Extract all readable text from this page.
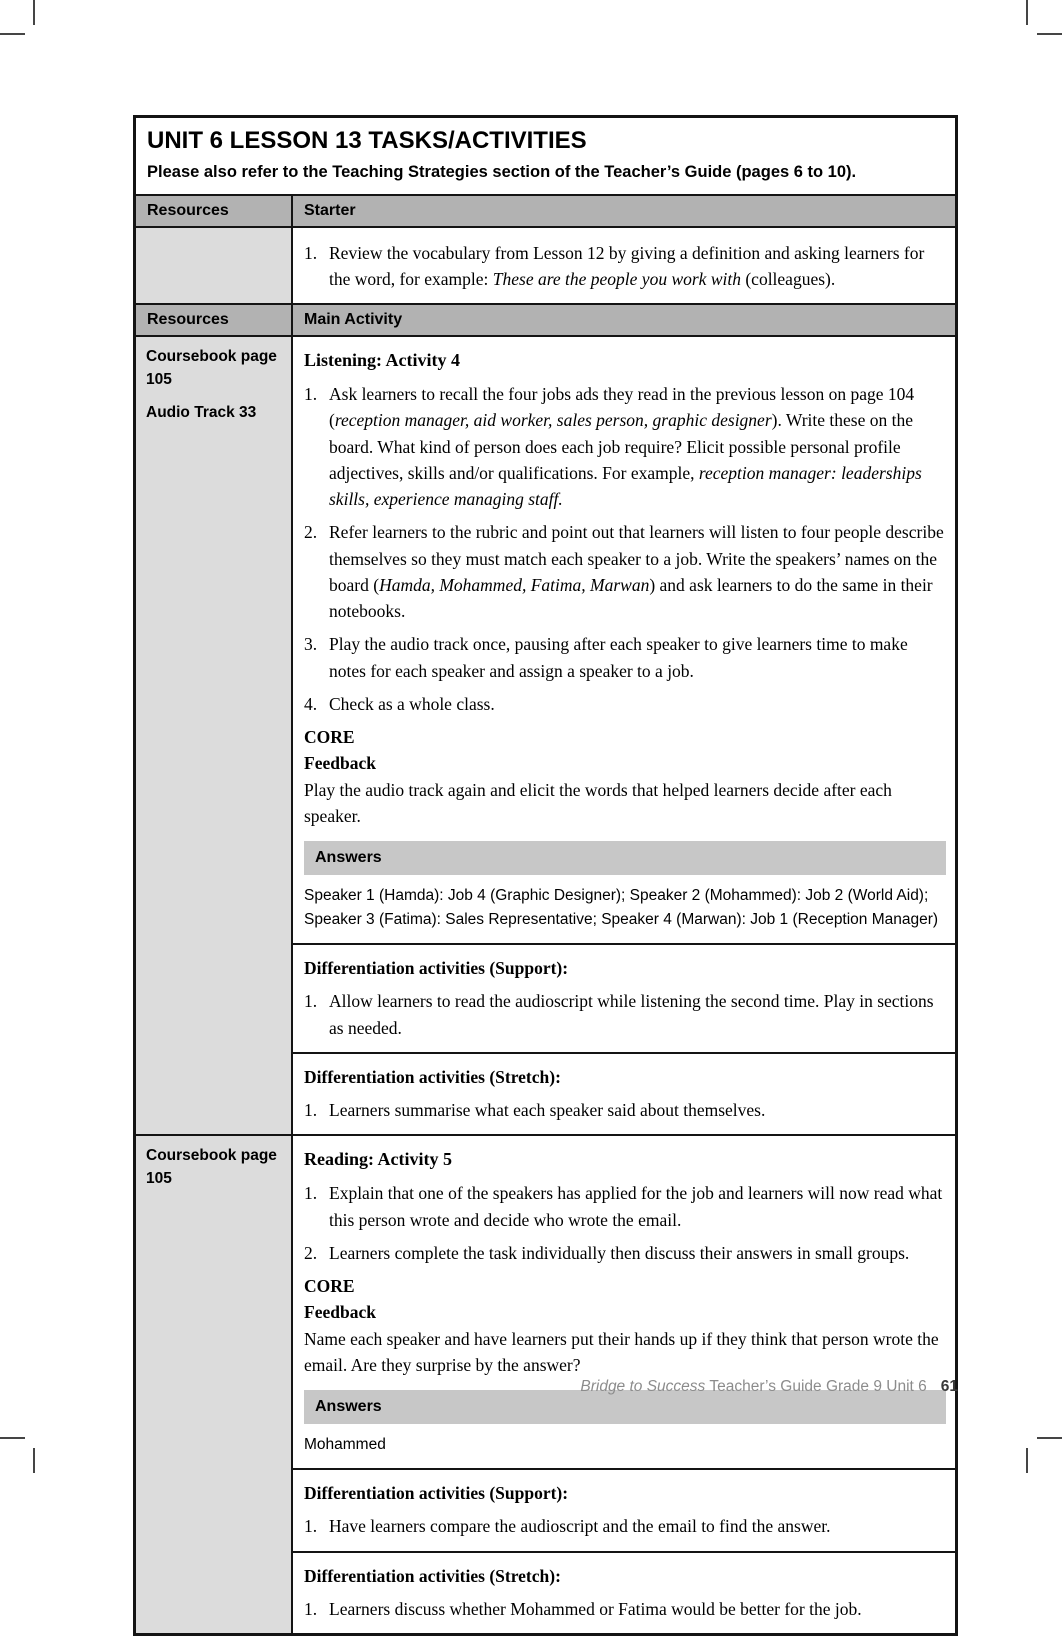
UNIT 6 LESSON 13 TASKS/ACTIVITIES
Please also refer to the Teaching Strategies section of the Teacher’s Guide (pages 6 to 10).
Resources	Starter
1. Review the vocabulary from Lesson 12 by giving a definition and asking learners for the word, for example: These are the people you work with (colleagues).
Resources	Main Activity

Coursebook page 105

Audio Track 33

Listening: Activity 4
1. Ask learners to recall the four jobs ads they read in the previous lesson on page 104 (reception manager, aid worker, sales person, graphic designer). Write these on the board. What kind of person does each job require? Elicit possible personal profile adjectives, skills and/or qualifications. For example, reception manager: leaderships skills, experience managing staff.
2. Refer learners to the rubric and point out that learners will listen to four people describe themselves so they must match each speaker to a job. Write the speakers’ names on the board (Hamda, Mohammed, Fatima, Marwan) and ask learners to do the same in their notebooks.
3. Play the audio track once, pausing after each speaker to give learners time to make notes for each speaker and assign a speaker to a job.
4. Check as a whole class.
CORE
Feedback
Play the audio track again and elicit the words that helped learners decide after each speaker.
Answers
Speaker 1 (Hamda): Job 4 (Graphic Designer); Speaker 2 (Mohammed): Job 2 (World Aid); Speaker 3 (Fatima): Sales Representative; Speaker 4 (Marwan): Job 1 (Reception Manager)
Differentiation activities (Support):
1. Allow learners to read the audioscript while listening the second time. Play in sections as needed.
Differentiation activities (Stretch):
1. Learners summarise what each speaker said about themselves.

Coursebook page 105

Reading: Activity 5
1. Explain that one of the speakers has applied for the job and learners will now read what this person wrote and decide who wrote the email.
2. Learners complete the task individually then discuss their answers in small groups.
CORE
Feedback
Name each speaker and have learners put their hands up if they think that person wrote the email. Are they surprise by the answer?
Answers
Mohammed
Differentiation activities (Support):
1. Have learners compare the audioscript and the email to find the answer.
Differentiation activities (Stretch):
1. Learners discuss whether Mohammed or Fatima would be better for the job.
Bridge to Success Teacher’s Guide Grade 9 Unit 6 61
